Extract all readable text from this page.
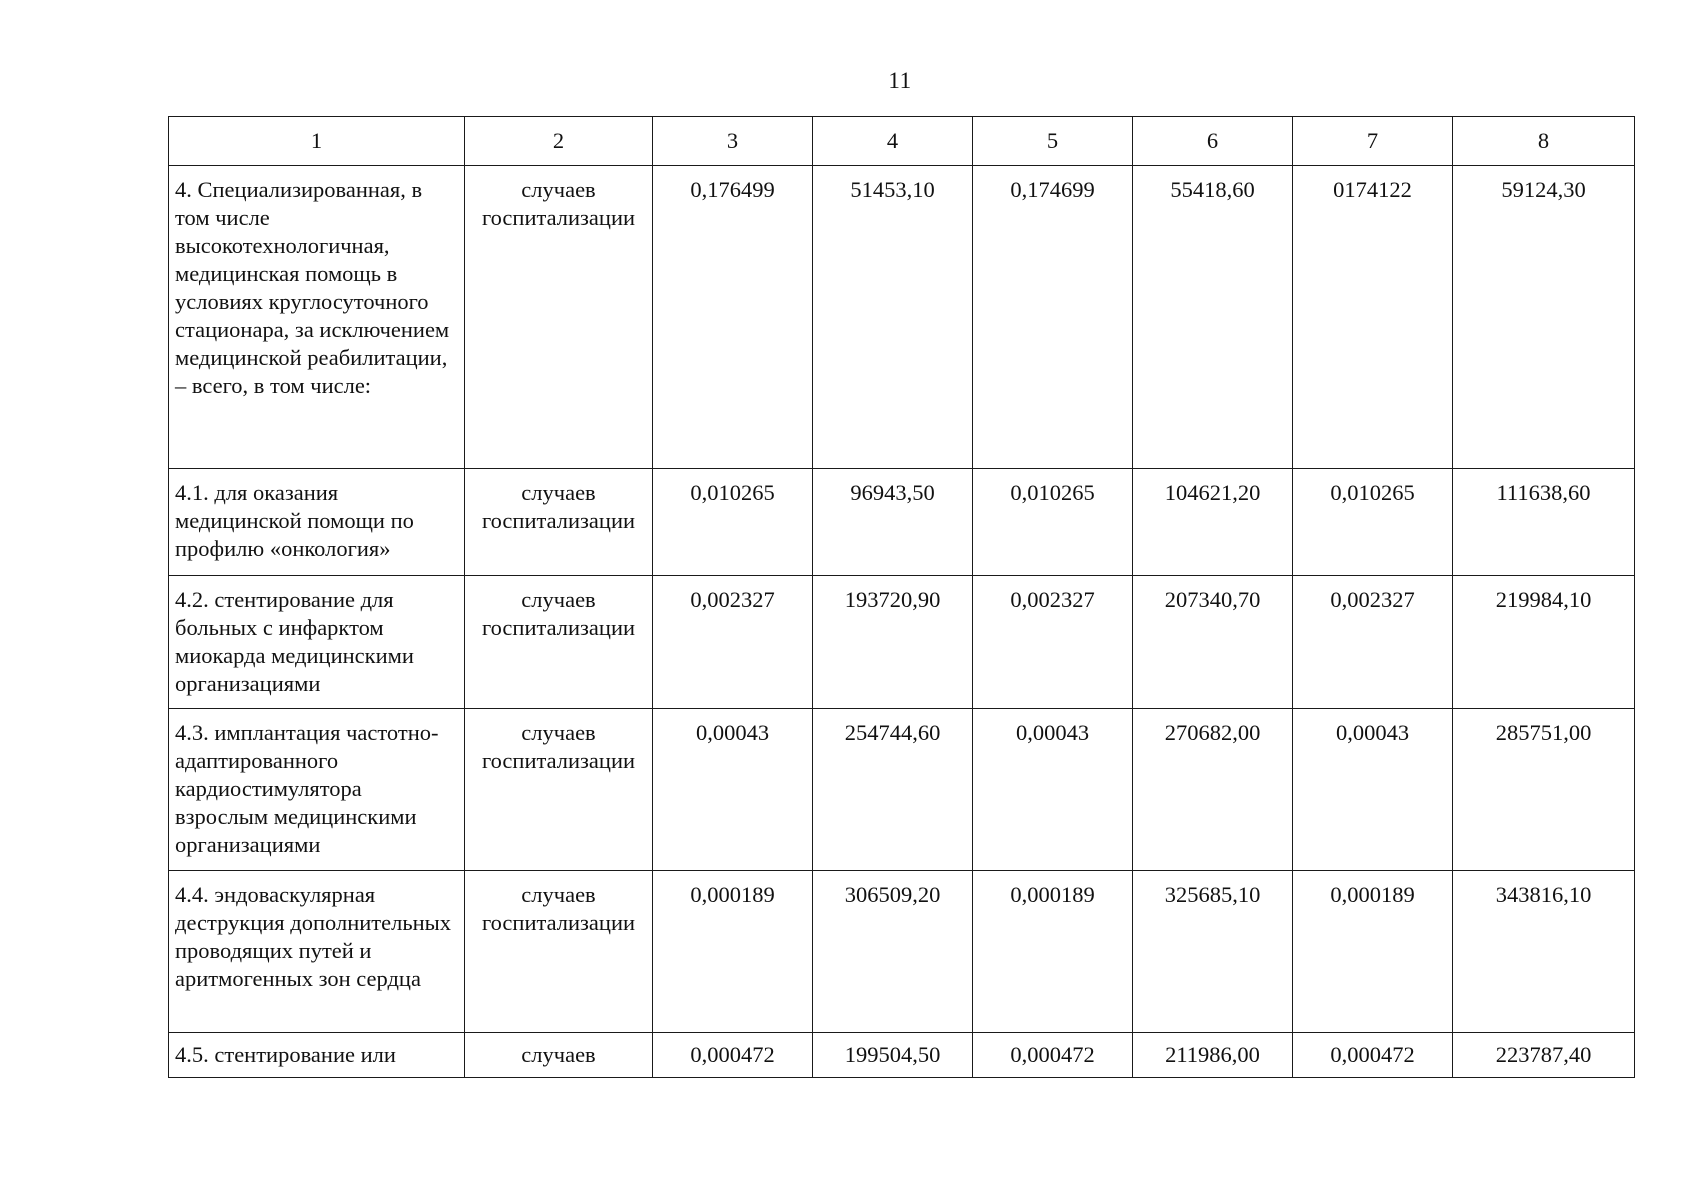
11
1	2	3	4	5	6	7	8
4. Специализированная, в том числе высокотехнологичная, медицинская помощь в условиях круглосуточного стационара, за исключением медицинской реабилитации, – всего, в том числе:	случаев госпитализации	0,176499	51453,10	0,174699	55418,60	0174122	59124,30
4.1. для оказания медицинской помощи по профилю «онкология»	случаев госпитализации	0,010265	96943,50	0,010265	104621,20	0,010265	111638,60
4.2. стентирование для больных с инфарктом миокарда медицинскими организациями	случаев госпитализации	0,002327	193720,90	0,002327	207340,70	0,002327	219984,10
4.3. имплантация частотно-адаптированного кардиостимулятора взрослым медицинскими организациями	случаев госпитализации	0,00043	254744,60	0,00043	270682,00	0,00043	285751,00
4.4. эндоваскулярная деструкция дополнительных проводящих путей и аритмогенных зон сердца	случаев госпитализации	0,000189	306509,20	0,000189	325685,10	0,000189	343816,10
4.5. стентирование или	случаев	0,000472	199504,50	0,000472	211986,00	0,000472	223787,40
